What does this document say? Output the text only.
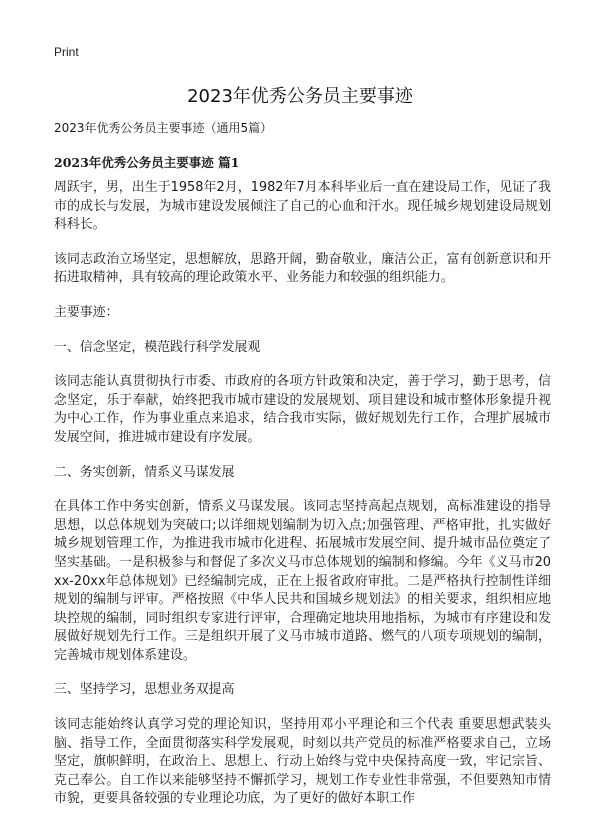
Print
2023年优秀公务员主要事迹

2023年优秀公务员主要事迹（通用5篇）

2023年优秀公务员主要事迹 篇1

周跃宇，男，出生于1958年2月，1982年7月本科毕业后一直在建设局工作，见证了我市的成长与发展，为城市建设发展倾注了自己的心血和汗水。现任城乡规划建设局规划科科长。

该同志政治立场坚定，思想解放，思路开阔，勤奋敬业，廉洁公正，富有创新意识和开拓进取精神，具有较高的理论政策水平、业务能力和较强的组织能力。

主要事迹：

一、信念坚定，模范践行科学发展观

该同志能认真贯彻执行市委、市政府的各项方针政策和决定，善于学习，勤于思考，信念坚定，乐于奉献，始终把我市城市建设的发展规划、项目建设和城市整体形象提升视为中心工作，作为事业重点来追求，结合我市实际，做好规划先行工作，合理扩展城市发展空间，推进城市建设有序发展。

二、务实创新，情系义马谋发展

在具体工作中务实创新，情系义马谋发展。该同志坚持高起点规划，高标准建设的指导思想，以总体规划为突破口;以详细规划编制为切入点;加强管理、严格审批，扎实做好城乡规划管理工作，为推进我市城市化进程、拓展城市发展空间、提升城市品位奠定了坚实基础。一是积极参与和督促了多次义马市总体规划的编制和修编。今年《义马市20xx-20xx年总体规划》已经编制完成，正在上报省政府审批。二是严格执行控制性详细规划的编制与评审。严格按照《中华人民共和国城乡规划法》的相关要求，组织相应地块控规的编制，同时组织专家进行评审，合理确定地块用地指标，为城市有序建设和发展做好规划先行工作。三是组织开展了义马市城市道路、燃气的八项专项规划的编制，完善城市规划体系建设。

三、坚持学习，思想业务双提高

该同志能始终认真学习党的理论知识，坚持用邓小平理论和三个代表 重要思想武装头脑、指导工作，全面贯彻落实科学发展观，时刻以共产党员的标准严格要求自己，立场坚定，旗帜鲜明，在政治上、思想上、行动上始终与党中央保持高度一致，牢记宗旨、克己奉公。自工作以来能够坚持不懈抓学习，规划工作专业性非常强，不但要熟知市情市貌，更要具备较强的专业理论功底，为了更好的做好本职工作
